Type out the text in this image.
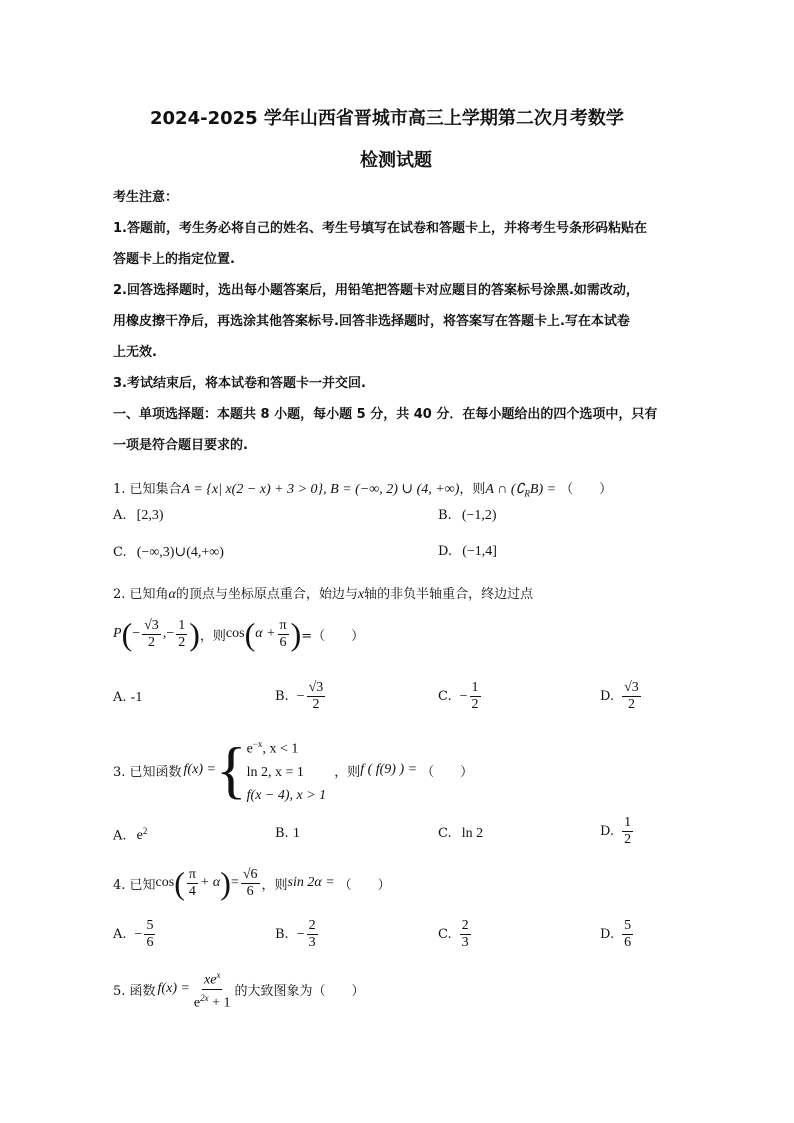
2024-2025 学年山西省晋城市高三上学期第二次月考数学
检测试题
考生注意：
1.答题前，考生务必将自己的姓名、考生号填写在试卷和答题卡上，并将考生号条形码粘贴在
答题卡上的指定位置.
2.回答选择题时，选出每小题答案后，用铅笔把答题卡对应题目的答案标号涂黑.如需改动，
用橡皮擦干净后，再选涂其他答案标号.回答非选择题时，将答案写在答题卡上.写在本试卷
上无效.
3.考试结束后，将本试卷和答题卡一并交回.
一、单项选择题：本题共 8 小题，每小题 5 分，共 40 分．在每小题给出的四个选项中，只有
一项是符合题目要求的.
1. 已知集合A = {x| x(2 − x) + 3 > 0}, B = (−∞, 2) ∪ (4, +∞)，则A ∩ $(∁_RB)$ = （　　）
A. [2,3)	B. (−1,2)
C. (−∞,3)∪(4,+∞)	D. (−1,4]
2. 已知角α的顶点与坐标原点重合，始边与x轴的非负半轴重合，终边过点
P ( − $\frac{√3}{2}$ , − $\frac{1}{2}$ ) ，则 cos ( $\alpha + \frac{\pi}{6}$ ) =（　　）
A. -1	B. − $\frac{√3}{2}$	C. − $\frac{1}{2}$	D. $\frac{√3}{2}$
3. 已知函数 f(x) = { $e^{-x}$, x < 1
ln 2, x = 1
f(x − 4), x > 1
，则 f ( f(9) ) = （　　）
A. $e^2$	B. 1	C. ln 2	D. $\frac{1}{2}$
4. 已知 cos ( $\frac{\pi}{4} + \alpha$ ) = $\frac{√6}{6}$ ，则 sin 2α = （　　）
A. − $\frac{5}{6}$	B. − $\frac{2}{3}$	C. $\frac{2}{3}$	D. $\frac{5}{6}$
5. 函数 $f(x) = \frac{xe^x}{e^{2x} + 1}$ 的大致图象为（　　）
